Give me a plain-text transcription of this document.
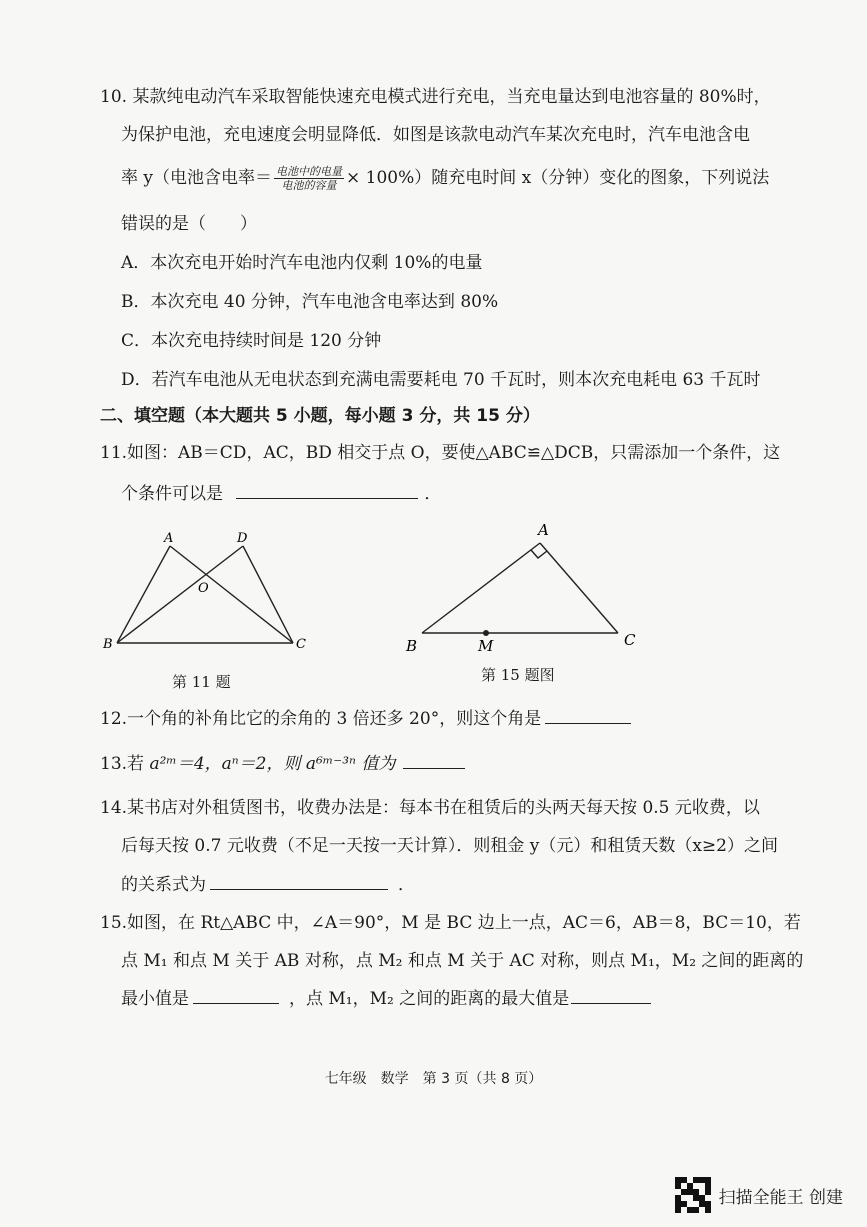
10. 某款纯电动汽车采取智能快速充电模式进行充电，当充电量达到电池容量的 80%时，
为保护电池，充电速度会明显降低．如图是该款电动汽车某次充电时，汽车电池含电
率 y（电池含电率＝ $\frac{\text{电池中的电量}}{\text{电池的容量}} \times 100\%$）随充电时间 x（分钟）变化的图象，下列说法
错误的是（　　）
A．本次充电开始时汽车电池内仅剩 10%的电量
B．本次充电 40 分钟，汽车电池含电率达到 80%
C．本次充电持续时间是 120 分钟
D．若汽车电池从无电状态到充满电需要耗电 70 千瓦时，则本次充电耗电 63 千瓦时
二、填空题（本大题共 5 小题，每小题 3 分，共 15 分）
11.如图：AB＝CD，AC，BD 相交于点 O，要使△ABC≌△DCB，只需添加一个条件，这
个条件可以是	．
A	D
O
B	C
第 11 题
A
B	C
M
第 15 题图
12.一个角的补角比它的余角的 3 倍还多 20°，则这个角是
13.若 a²ᵐ＝4，aⁿ＝2，则 a⁶ᵐ⁻³ⁿ 值为
14.某书店对外租赁图书，收费办法是：每本书在租赁后的头两天每天按 0.5 元收费，以
后每天按 0.7 元收费（不足一天按一天计算）．则租金 y（元）和租赁天数（x≥2）之间
的关系式为	．
15.如图，在 Rt△ABC 中，∠A＝90°，M 是 BC 边上一点，AC＝6，AB＝8，BC＝10，若
点 M₁ 和点 M 关于 AB 对称，点 M₂ 和点 M 关于 AC 对称，则点 M₁，M₂ 之间的距离的
最小值是	，点 M₁，M₂ 之间的距离的最大值是
七年级　数学　第 3 页（共 8 页）
扫描全能王 创建
